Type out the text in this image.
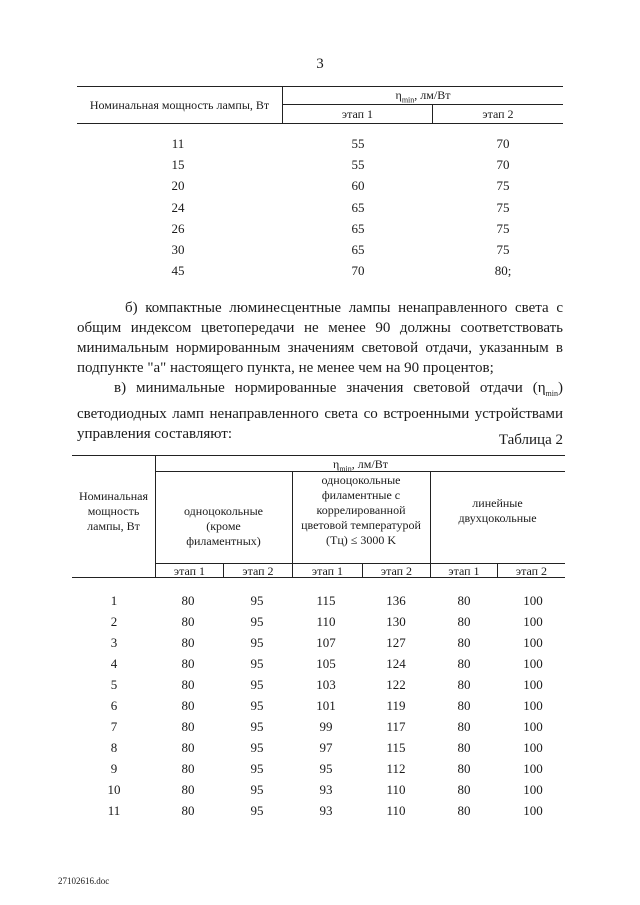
3
Номинальная мощность лампы, Вт
$\eta_{min}$, лм/Вт
этап 1	этап 2
11	55	70
15	55	70
20	60	75
24	65	75
26	65	75
30	65	75
45	70	80;
б) компактные люминесцентные лампы ненаправленного света с общим индексом цветопередачи не менее 90 должны соответствовать минимальным нормированным значениям световой отдачи, указанным в подпункте "а" настоящего пункта, не менее чем на 90 процентов;
в) минимальные нормированные значения световой отдачи $(\eta_{min})$ светодиодных ламп ненаправленного света со встроенными устройствами управления составляют:	Таблица 2
Номинальная мощность лампы, Вт
$\eta_{min}$, лм/Вт
одноцокольные (кроме филаментных)
одноцокольные филаментные с коррелированной цветовой температурой (Тц) ≤ 3000 K
линейные двухцокольные
этап 1	этап 2	этап 1	этап 2	этап 1	этап 2
1	80	95	115	136	80	100
2	80	95	110	130	80	100
3	80	95	107	127	80	100
4	80	95	105	124	80	100
5	80	95	103	122	80	100
6	80	95	101	119	80	100
7	80	95	99	117	80	100
8	80	95	97	115	80	100
9	80	95	95	112	80	100
10	80	95	93	110	80	100
11	80	95	93	110	80	100
27102616.doc
